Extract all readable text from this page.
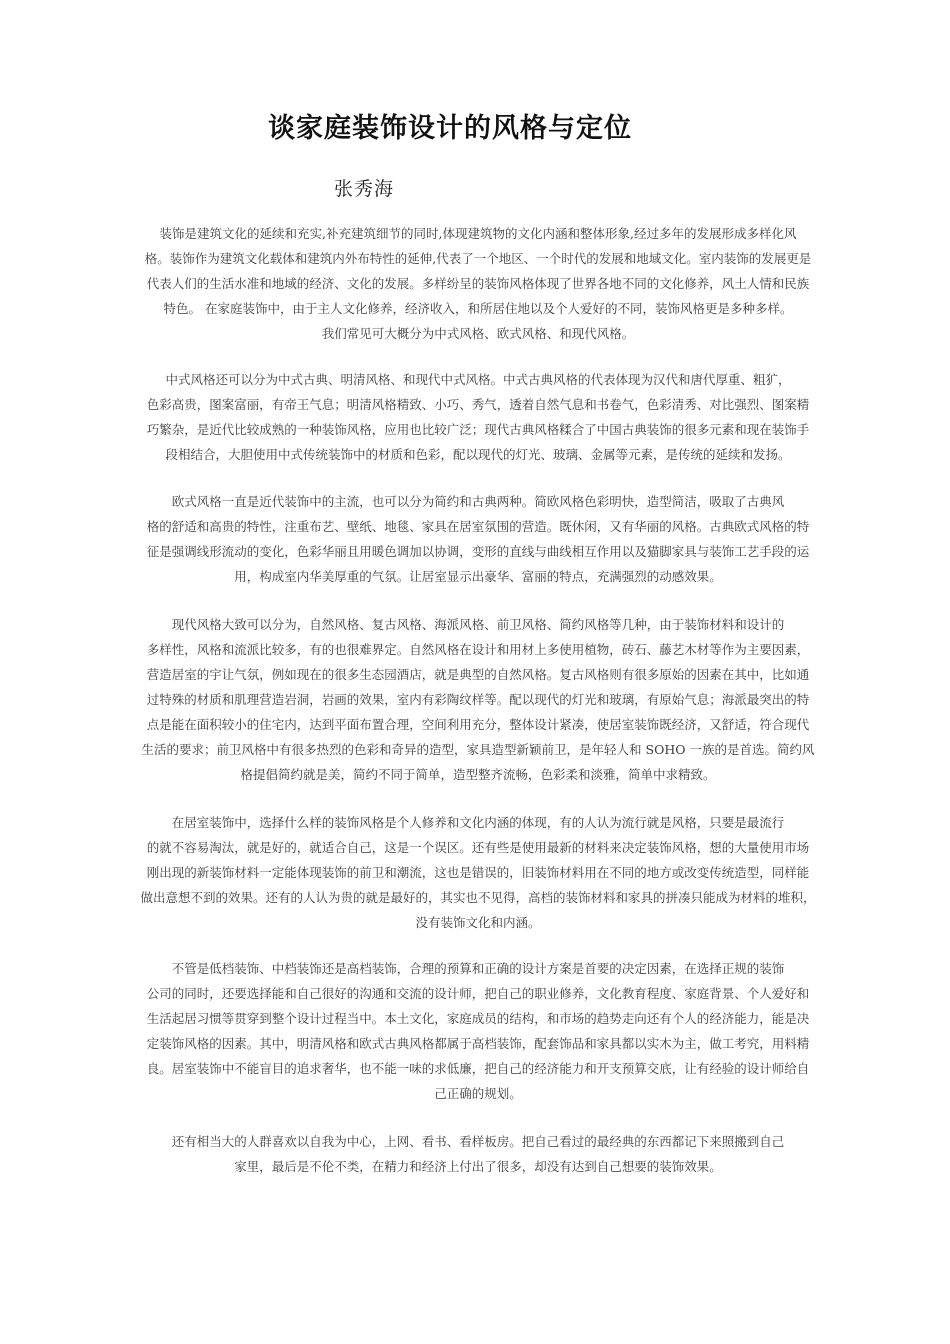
谈家庭装饰设计的风格与定位
张秀海
装饰是建筑文化的延续和充实,补充建筑细节的同时,体现建筑物的文化内涵和整体形象,经过多年的发展形成多样化风
格。装饰作为建筑文化载体和建筑内外布特性的延伸,代表了一个地区、一个时代的发展和地域文化。室内装饰的发展更是
代表人们的生活水准和地域的经济、文化的发展。多样纷呈的装饰风格体现了世界各地不同的文化修养，风土人情和民族
特色。 在家庭装饰中，由于主人文化修养，经济收入，和所居住地以及个人爱好的不同，装饰风格更是多种多样。
我们常见可大概分为中式风格、欧式风格、和现代风格。
中式风格还可以分为中式古典、明清风格、和现代中式风格。中式古典风格的代表体现为汉代和唐代厚重、粗犷，
色彩高贵，图案富丽，有帝王气息；明清风格精致、小巧、秀气，透着自然气息和书卷气，色彩清秀、对比强烈、图案精
巧繁杂，是近代比较成熟的一种装饰风格，应用也比较广泛；现代古典风格糅合了中国古典装饰的很多元素和现在装饰手
段相结合，大胆使用中式传统装饰中的材质和色彩，配以现代的灯光、玻璃、金属等元素，是传统的延续和发扬。
欧式风格一直是近代装饰中的主流，也可以分为简约和古典两种。简欧风格色彩明快，造型简洁，吸取了古典风
格的舒适和高贵的特性，注重布艺、壁纸、地毯、家具在居室氛围的营造。既休闲，又有华丽的风格。古典欧式风格的特
征是强调线形流动的变化，色彩华丽且用暖色调加以协调，变形的直线与曲线相互作用以及猫脚家具与装饰工艺手段的运
用，构成室内华美厚重的气氛。让居室显示出豪华、富丽的特点，充满强烈的动感效果。
现代风格大致可以分为，自然风格、复古风格、海派风格、前卫风格、简约风格等几种，由于装饰材料和设计的
多样性，风格和流派比较多，有的也很难界定。自然风格在设计和用材上多使用植物，砖石、藤艺木材等作为主要因素，
营造居室的宇让气氛，例如现在的很多生态园酒店，就是典型的自然风格。复古风格则有很多原始的因素在其中，比如通
过特殊的材质和肌理营造岩洞，岩画的效果，室内有彩陶纹样等。配以现代的灯光和玻璃，有原始气息；海派最突出的特
点是能在面积较小的住宅内，达到平面布置合理，空间利用充分，整体设计紧凑，使居室装饰既经济，又舒适，符合现代
生活的要求；前卫风格中有很多热烈的色彩和奇异的造型，家具造型新颖前卫，是年轻人和 SOHO 一族的是首选。简约风
格提倡简约就是美，简约不同于简单，造型整齐流畅，色彩柔和淡雅，简单中求精致。
在居室装饰中，选择什么样的装饰风格是个人修养和文化内涵的体现，有的人认为流行就是风格，只要是最流行
的就不容易淘汰，就是好的，就适合自己，这是一个误区。还有些是使用最新的材料来决定装饰风格，想的大量使用市场
刚出现的新装饰材料一定能体现装饰的前卫和潮流，这也是错误的，旧装饰材料用在不同的地方或改变传统造型，同样能
做出意想不到的效果。还有的人认为贵的就是最好的，其实也不见得，高档的装饰材料和家具的拼凑只能成为材料的堆积，
没有装饰文化和内涵。
不管是低档装饰、中档装饰还是高档装饰，合理的预算和正确的设计方案是首要的决定因素，在选择正规的装饰
公司的同时，还要选择能和自己很好的沟通和交流的设计师，把自己的职业修养，文化教育程度、家庭背景、个人爱好和
生活起居习惯等贯穿到整个设计过程当中。本土文化，家庭成员的结构，和市场的趋势走向还有个人的经济能力，能是决
定装饰风格的因素。其中，明清风格和欧式古典风格都属于高档装饰，配套饰品和家具都以实木为主，做工考究，用料精
良。居室装饰中不能盲目的追求奢华，也不能一味的求低廉，把自己的经济能力和开支预算交底，让有经验的设计师给自
己正确的规划。
还有相当大的人群喜欢以自我为中心，上网、看书、看样板房。把自己看过的最经典的东西都记下来照搬到自己
家里，最后是不伦不类，在精力和经济上付出了很多，却没有达到自己想要的装饰效果。
